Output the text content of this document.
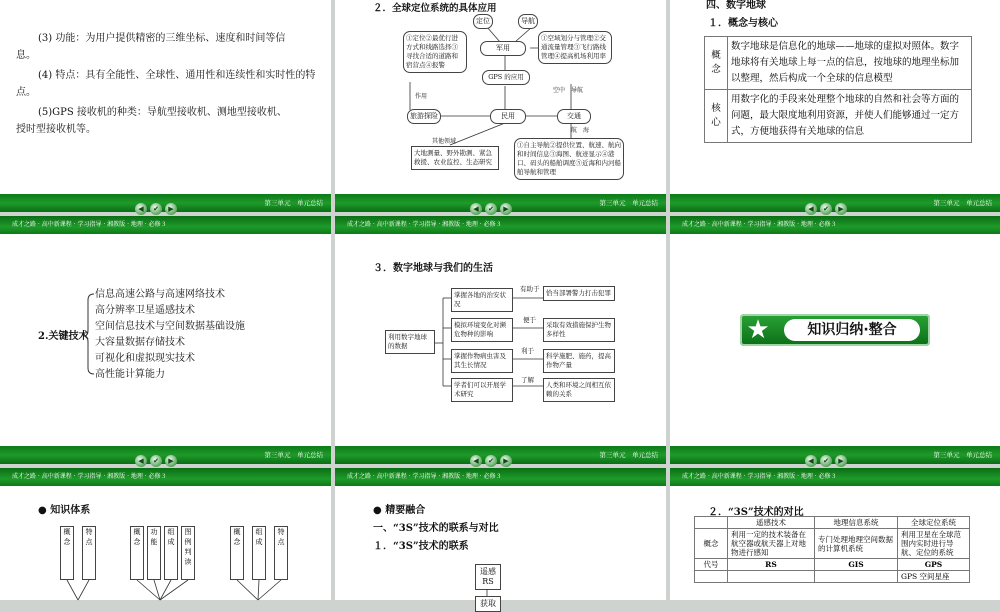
(3) 功能：为用户提供精密的三维坐标、速度和时间等信
息。
(4) 特点：具有全能性、全球性、通用性和连续性和实时性的特
点。
(5)GPS 接收机的种类：导航型接收机、测地型接收机、
授时型接收机等。
◀ ✔ ▶
第三单元　单元总结
２．全球定位系统的具体应用
定位	导航
军用
①定位②最优行进方式和线路选择③寻找合适的道路和宿营点④报警
①空域划分与管理②交通流量管理③飞行路线管理④提高机场利用率
GPS 的应用
作用
空中　导航
旅游探险	民用	交通
航　海
其他领域
大地测量、野外勘测、紧急救援、农业监控、生态研究
①自主导航②提供位置、航速、航向和时间信息③海图、航迹显示④港口、码头的船舶调度⑤近海和内河船舶导航和管理
◀ ✔ ▶
第三单元　单元总结
四、数字地球
１．概念与核心
概念	数字地球是信息化的地球——地球的虚拟对照体。数字地球将有关地球上每一点的信息，按地球的地理坐标加以整理，然后构成一个全球的信息模型
核心	用数字化的手段来处理整个地球的自然和社会等方面的问题，最大限度地利用资源，并使人们能够通过一定方式，方便地获得有关地球的信息
◀ ✔ ▶
第三单元　单元总结
成才之路 · 高中新课程 · 学习指导 · 湘教版 · 地理 · 必修３
2.关键技术
信息高速公路与高速网络技术
高分辨率卫星遥感技术
空间信息技术与空间数据基础设施
大容量数据存储技术
可视化和虚拟现实技术
高性能计算能力
◀ ✔ ▶
第三单元　单元总结
成才之路 · 高中新课程 · 学习指导 · 湘教版 · 地理 · 必修３
３．数字地球与我们的生活
利用数字地球的数据
掌握各地的治安状况
有助于	恰当部署警力打击犯罪
模拟环境变化对濒危物种的影响
便于
采取有效措施保护生物多样性
掌握作物病虫害及其生长情况
利于
科学施肥、施药，提高作物产量
学者们可以开展学术研究
了解
人类和环境之间相互依赖的关系
◀ ✔ ▶
第三单元　单元总结
成才之路 · 高中新课程 · 学习指导 · 湘教版 · 地理 · 必修３
★	知识归纳·整合
◀ ✔ ▶
第三单元　单元总结
成才之路 · 高中新课程 · 学习指导 · 湘教版 · 地理 · 必修３
● 知识体系
概念
特点
概念
功能
组成
图例判读
概念
组成
特点
成才之路 · 高中新课程 · 学习指导 · 湘教版 · 地理 · 必修３
● 精要融合
一、“3S”技术的联系与对比
１．“3S”技术的联系
遥感RS
获取
成才之路 · 高中新课程 · 学习指导 · 湘教版 · 地理 · 必修３
２．“3S”技术的对比
	遥感技术	地理信息系统	全球定位系统
概念	利用一定的技术装备在航空器或航天器上对地物进行感知	专门处理地理空间数据的计算机系统	利用卫星在全球范围内实时进行导航、定位的系统
代号	RS	GIS	GPS
			GPS 空间星座
